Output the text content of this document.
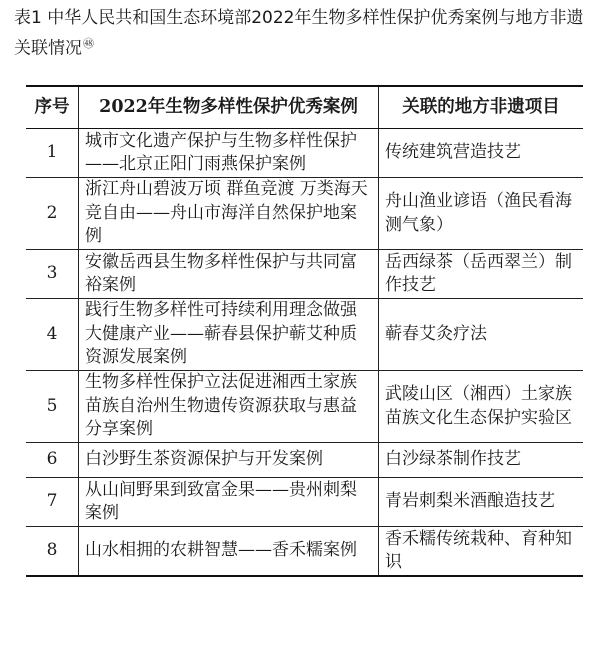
表1 中华人民共和国生态环境部2022年生物多样性保护优秀案例与地方非遗关联情况$^㊽$
序号	2022年生物多样性保护优秀案例	关联的地方非遗项目
1	城市文化遗产保护与生物多样性保护——北京正阳门雨燕保护案例	传统建筑营造技艺
2	浙江舟山碧波万顷 群鱼竞渡 万类海天竞自由——舟山市海洋自然保护地案例	舟山渔业谚语（渔民看海测气象）
3	安徽岳西县生物多样性保护与共同富裕案例	岳西绿茶（岳西翠兰）制作技艺
4	践行生物多样性可持续利用理念做强大健康产业——蕲春县保护蕲艾种质资源发展案例	蕲春艾灸疗法
5	生物多样性保护立法促进湘西土家族苗族自治州生物遗传资源获取与惠益分享案例	武陵山区（湘西）土家族苗族文化生态保护实验区
6	白沙野生茶资源保护与开发案例	白沙绿茶制作技艺
7	从山间野果到致富金果——贵州刺梨案例	青岩刺梨米酒酿造技艺
8	山水相拥的农耕智慧——香禾糯案例	香禾糯传统栽种、育种知识
